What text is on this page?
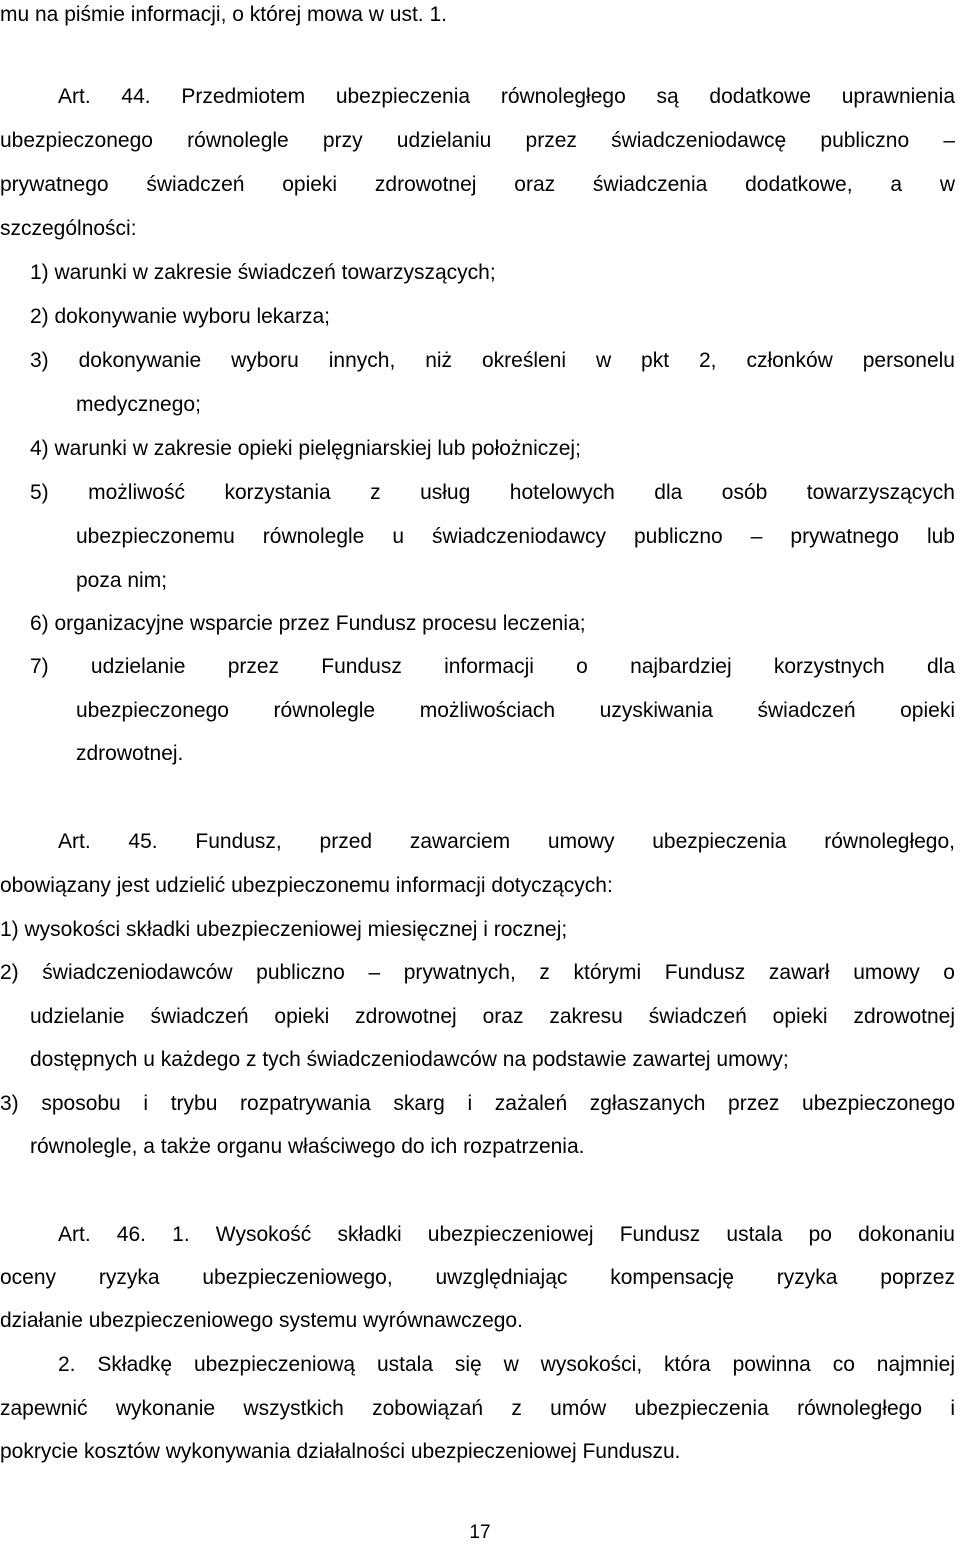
mu na piśmie informacji, o której mowa w ust. 1.
Art. 44. Przedmiotem ubezpieczenia równoległego są dodatkowe uprawnienia
ubezpieczonego równolegle przy udzielaniu przez świadczeniodawcę publiczno –
prywatnego świadczeń opieki zdrowotnej oraz świadczenia dodatkowe, a w
szczególności:
1) warunki w zakresie świadczeń towarzyszących;
2) dokonywanie wyboru lekarza;
3) dokonywanie wyboru innych, niż określeni w pkt 2, członków personelu
medycznego;
4) warunki w zakresie opieki pielęgniarskiej lub położniczej;
5) możliwość korzystania z usług hotelowych dla osób towarzyszących
ubezpieczonemu równolegle u świadczeniodawcy publiczno – prywatnego lub
poza nim;
6) organizacyjne wsparcie przez Fundusz procesu leczenia;
7) udzielanie przez Fundusz informacji o najbardziej korzystnych dla
ubezpieczonego równolegle możliwościach uzyskiwania świadczeń opieki
zdrowotnej.
Art. 45. Fundusz, przed zawarciem umowy ubezpieczenia równoległego,
obowiązany jest udzielić ubezpieczonemu informacji dotyczących:
1) wysokości składki ubezpieczeniowej miesięcznej i rocznej;
2) świadczeniodawców publiczno – prywatnych, z którymi Fundusz zawarł umowy o
udzielanie świadczeń opieki zdrowotnej oraz zakresu świadczeń opieki zdrowotnej
dostępnych u każdego z tych świadczeniodawców na podstawie zawartej umowy;
3) sposobu i trybu rozpatrywania skarg i zażaleń zgłaszanych przez ubezpieczonego
równolegle, a także organu właściwego do ich rozpatrzenia.
Art. 46. 1. Wysokość składki ubezpieczeniowej Fundusz ustala po dokonaniu
oceny ryzyka ubezpieczeniowego, uwzględniając kompensację ryzyka poprzez
działanie ubezpieczeniowego systemu wyrównawczego.
2. Składkę ubezpieczeniową ustala się w wysokości, która powinna co najmniej
zapewnić wykonanie wszystkich zobowiązań z umów ubezpieczenia równoległego i
pokrycie kosztów wykonywania działalności ubezpieczeniowej Funduszu.
17
